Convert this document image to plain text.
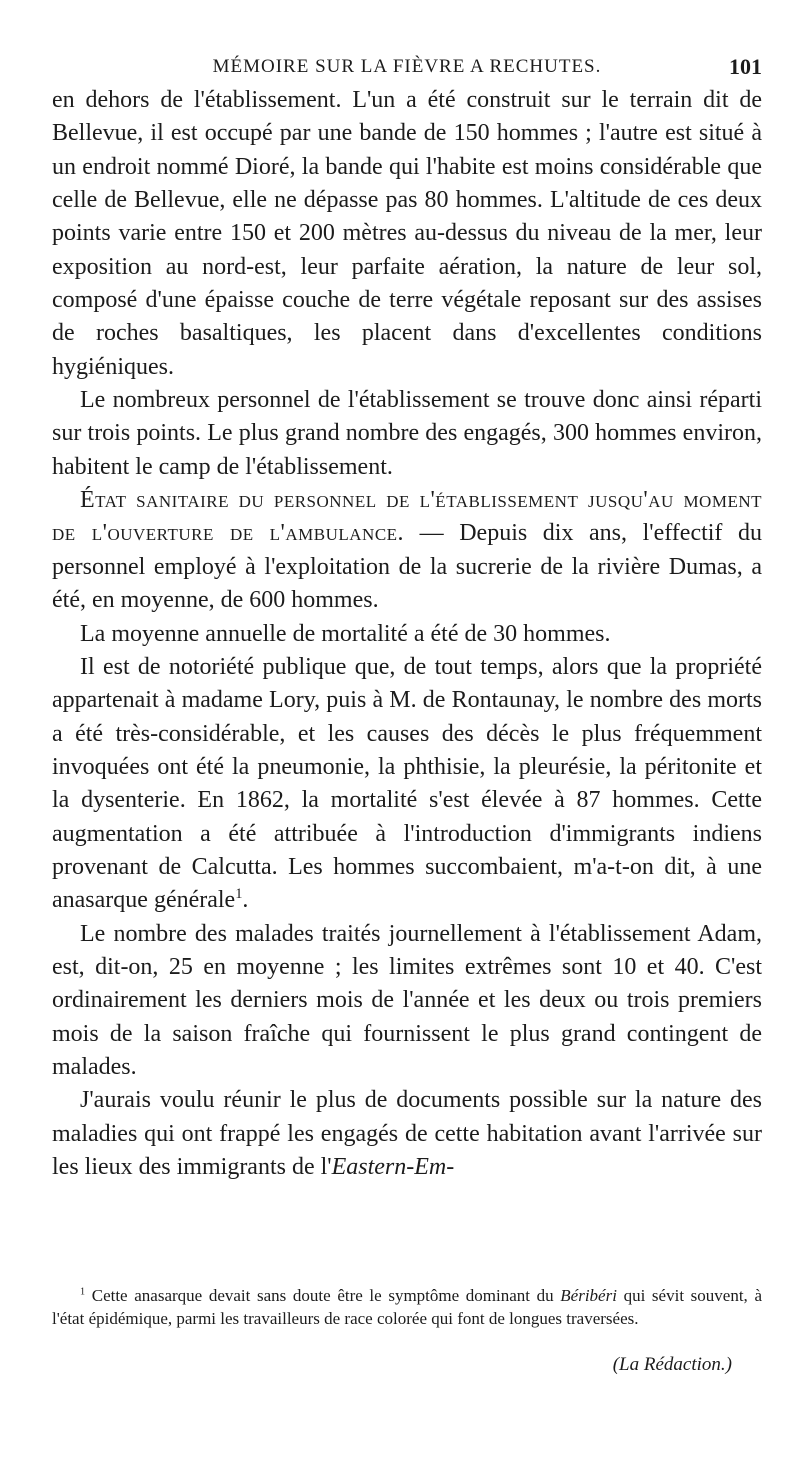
MÉMOIRE SUR LA FIÈVRE A RECHUTES.	101

en dehors de l'établissement. L'un a été construit sur le terrain dit de Bellevue, il est occupé par une bande de 150 hommes ; l'autre est situé à un endroit nommé Dioré, la bande qui l'habite est moins considérable que celle de Bellevue, elle ne dépasse pas 80 hommes. L'altitude de ces deux points varie entre 150 et 200 mètres au-dessus du niveau de la mer, leur exposition au nord-est, leur parfaite aération, la nature de leur sol, composé d'une épaisse couche de terre végétale reposant sur des assises de roches basaltiques, les placent dans d'excellentes conditions hygiéniques.

Le nombreux personnel de l'établissement se trouve donc ainsi réparti sur trois points. Le plus grand nombre des engagés, 300 hommes environ, habitent le camp de l'établissement.

État sanitaire du personnel de l'établissement jusqu'au moment de l'ouverture de l'ambulance. — Depuis dix ans, l'effectif du personnel employé à l'exploitation de la sucrerie de la rivière Dumas, a été, en moyenne, de 600 hommes.

La moyenne annuelle de mortalité a été de 30 hommes.

Il est de notoriété publique que, de tout temps, alors que la propriété appartenait à madame Lory, puis à M. de Rontaunay, le nombre des morts a été très-considérable, et les causes des décès le plus fréquemment invoquées ont été la pneumonie, la phthisie, la pleurésie, la péritonite et la dysenterie. En 1862, la mortalité s'est élevée à 87 hommes. Cette augmentation a été attribuée à l'introduction d'immigrants indiens provenant de Calcutta. Les hommes succombaient, m'a-t-on dit, à une anasarque générale$^1$.

Le nombre des malades traités journellement à l'établissement Adam, est, dit-on, 25 en moyenne ; les limites extrêmes sont 10 et 40. C'est ordinairement les derniers mois de l'année et les deux ou trois premiers mois de la saison fraîche qui fournissent le plus grand contingent de malades.

J'aurais voulu réunir le plus de documents possible sur la nature des maladies qui ont frappé les engagés de cette habitation avant l'arrivée sur les lieux des immigrants de l'Eastern-Em-

$^1$ Cette anasarque devait sans doute être le symptôme dominant du Béribéri qui sévit souvent, à l'état épidémique, parmi les travailleurs de race colorée qui font de longues traversées.

(La Rédaction.)
